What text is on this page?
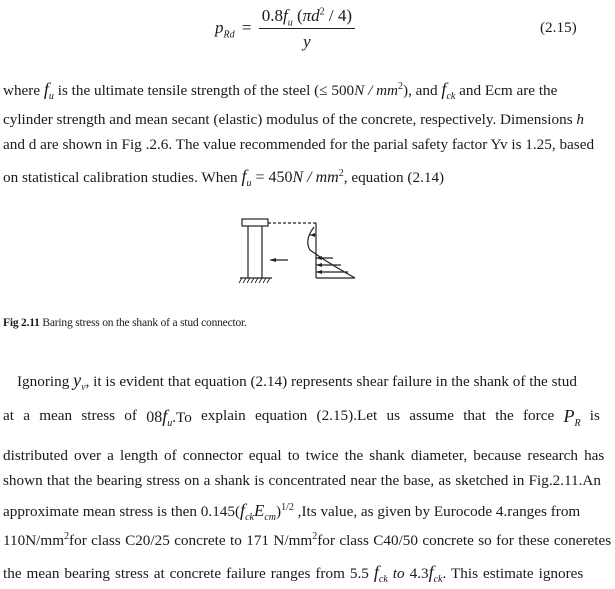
$p_{Rd} = \frac{0.8f_u (\pi d^2 / 4)}{y}$	(2.15)
where $f_u$ is the ultimate tensile strength of the steel (≤ $500N / mm^2$), and $f_{ck}$ and Ecm are the
cylinder strength and mean secant (elastic) modulus of the concrete, respectively. Dimensions h
and d are shown in Fig .2.6. The value recommended for the parial safety factor Yv is 1.25, based
on statistical calibration studies. When $f_u = 450N / mm^2$, equation (2.14)
Fig 2.11 Baring stress on the shank of a stud connector.
Ignoring $y_v$, it is evident that equation (2.14) represents shear failure in the shank of the stud
at a mean stress of $08f_u.To$ explain equation (2.15).Let us assume that the force $P_R$ is
distributed over a length of connector equal to twice the shank diameter, because research has
shown that the bearing stress on a shank is concentrated near the base, as sketched in Fig.2.11.An
approximate mean stress is then $0.145(f_{ck}E_{cm})^{1/2}$ ,Its value, as given by Eurocode 4.ranges from
$110N/mm^2for$ class C20/25 concrete to 171 $N/mm^2for$ class C40/50 concrete so for these coneretes
the mean bearing stress at concrete failure ranges from 5.5 $f_{ck}$ to $4.3f_{ck}$. This estimate ignores
